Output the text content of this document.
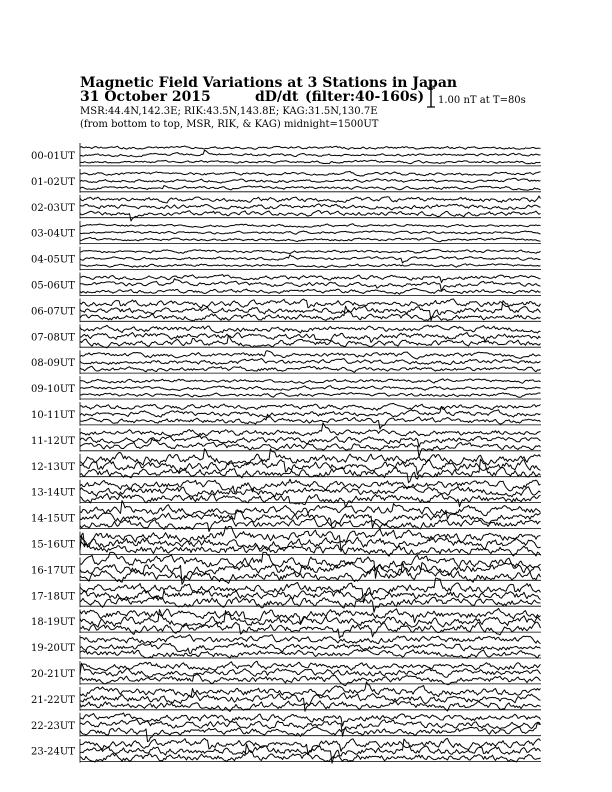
Magnetic Field Variations at 3 Stations in Japan
31 October 2015	dD/dt (filter:40-160s)
MSR:44.4N,142.3E; RIK:43.5N,143.8E; KAG:31.5N,130.7E
(from bottom to top, MSR, RIK, & KAG) midnight=1500UT
1.00 nT at T=80s
00-01UT
01-02UT
02-03UT
03-04UT
04-05UT
05-06UT
06-07UT
07-08UT
08-09UT
09-10UT
10-11UT
11-12UT
12-13UT
13-14UT
14-15UT
15-16UT
16-17UT
17-18UT
18-19UT
19-20UT
20-21UT
21-22UT
22-23UT
23-24UT
